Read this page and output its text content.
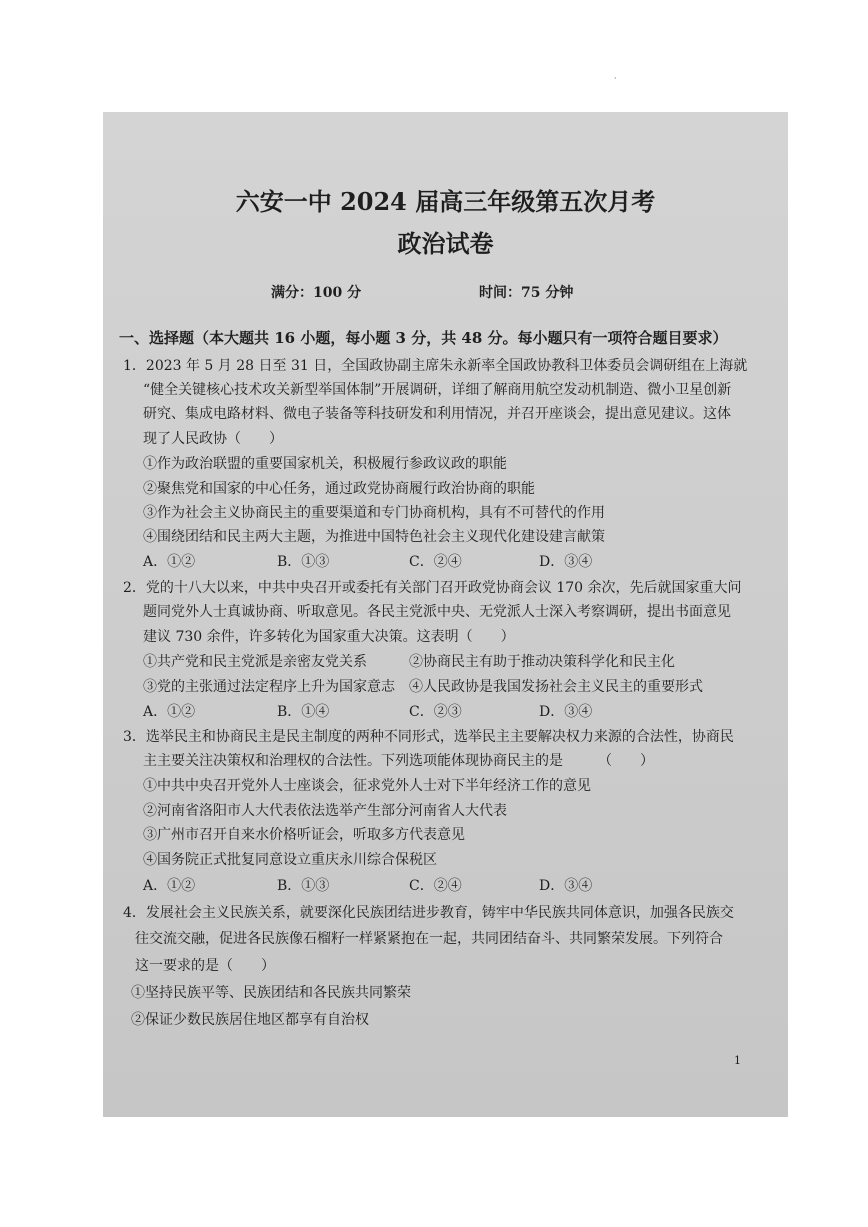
·
六安一中 2024 届高三年级第五次月考
政治试卷
满分：100 分	时间：75 分钟
一、选择题（本大题共 16 小题，每小题 3 分，共 48 分。每小题只有一项符合题目要求）
1．2023 年 5 月 28 日至 31 日，全国政协副主席朱永新率全国政协教科卫体委员会调研组在上海就
“健全关键核心技术攻关新型举国体制”开展调研，详细了解商用航空发动机制造、微小卫星创新
研究、集成电路材料、微电子装备等科技研发和利用情况，并召开座谈会，提出意见建议。这体
现了人民政协（　　）
①作为政治联盟的重要国家机关，积极履行参政议政的职能
②聚焦党和国家的中心任务，通过政党协商履行政治协商的职能
③作为社会主义协商民主的重要渠道和专门协商机构，具有不可替代的作用
④围绕团结和民主两大主题，为推进中国特色社会主义现代化建设建言献策
A．①②	B．①③	C．②④	D．③④
2．党的十八大以来，中共中央召开或委托有关部门召开政党协商会议 170 余次，先后就国家重大问
题同党外人士真诚协商、听取意见。各民主党派中央、无党派人士深入考察调研，提出书面意见
建议 730 余件，许多转化为国家重大决策。这表明（　　）
①共产党和民主党派是亲密友党关系	②协商民主有助于推动决策科学化和民主化
③党的主张通过法定程序上升为国家意志 ④人民政协是我国发扬社会主义民主的重要形式
A．①②	B．①④	C．②③	D．③④
3．选举民主和协商民主是民主制度的两种不同形式，选举民主主要解决权力来源的合法性，协商民
主主要关注决策权和治理权的合法性。下列选项能体现协商民主的是　　　（　　）
①中共中央召开党外人士座谈会，征求党外人士对下半年经济工作的意见
②河南省洛阳市人大代表依法选举产生部分河南省人大代表
③广州市召开自来水价格听证会，听取多方代表意见
④国务院正式批复同意设立重庆永川综合保税区
A．①②	B．①③	C．②④	D．③④
4．发展社会主义民族关系，就要深化民族团结进步教育，铸牢中华民族共同体意识，加强各民族交
往交流交融，促进各民族像石榴籽一样紧紧抱在一起，共同团结奋斗、共同繁荣发展。下列符合
这一要求的是（　　）
①坚持民族平等、民族团结和各民族共同繁荣
②保证少数民族居住地区都享有自治权
1
